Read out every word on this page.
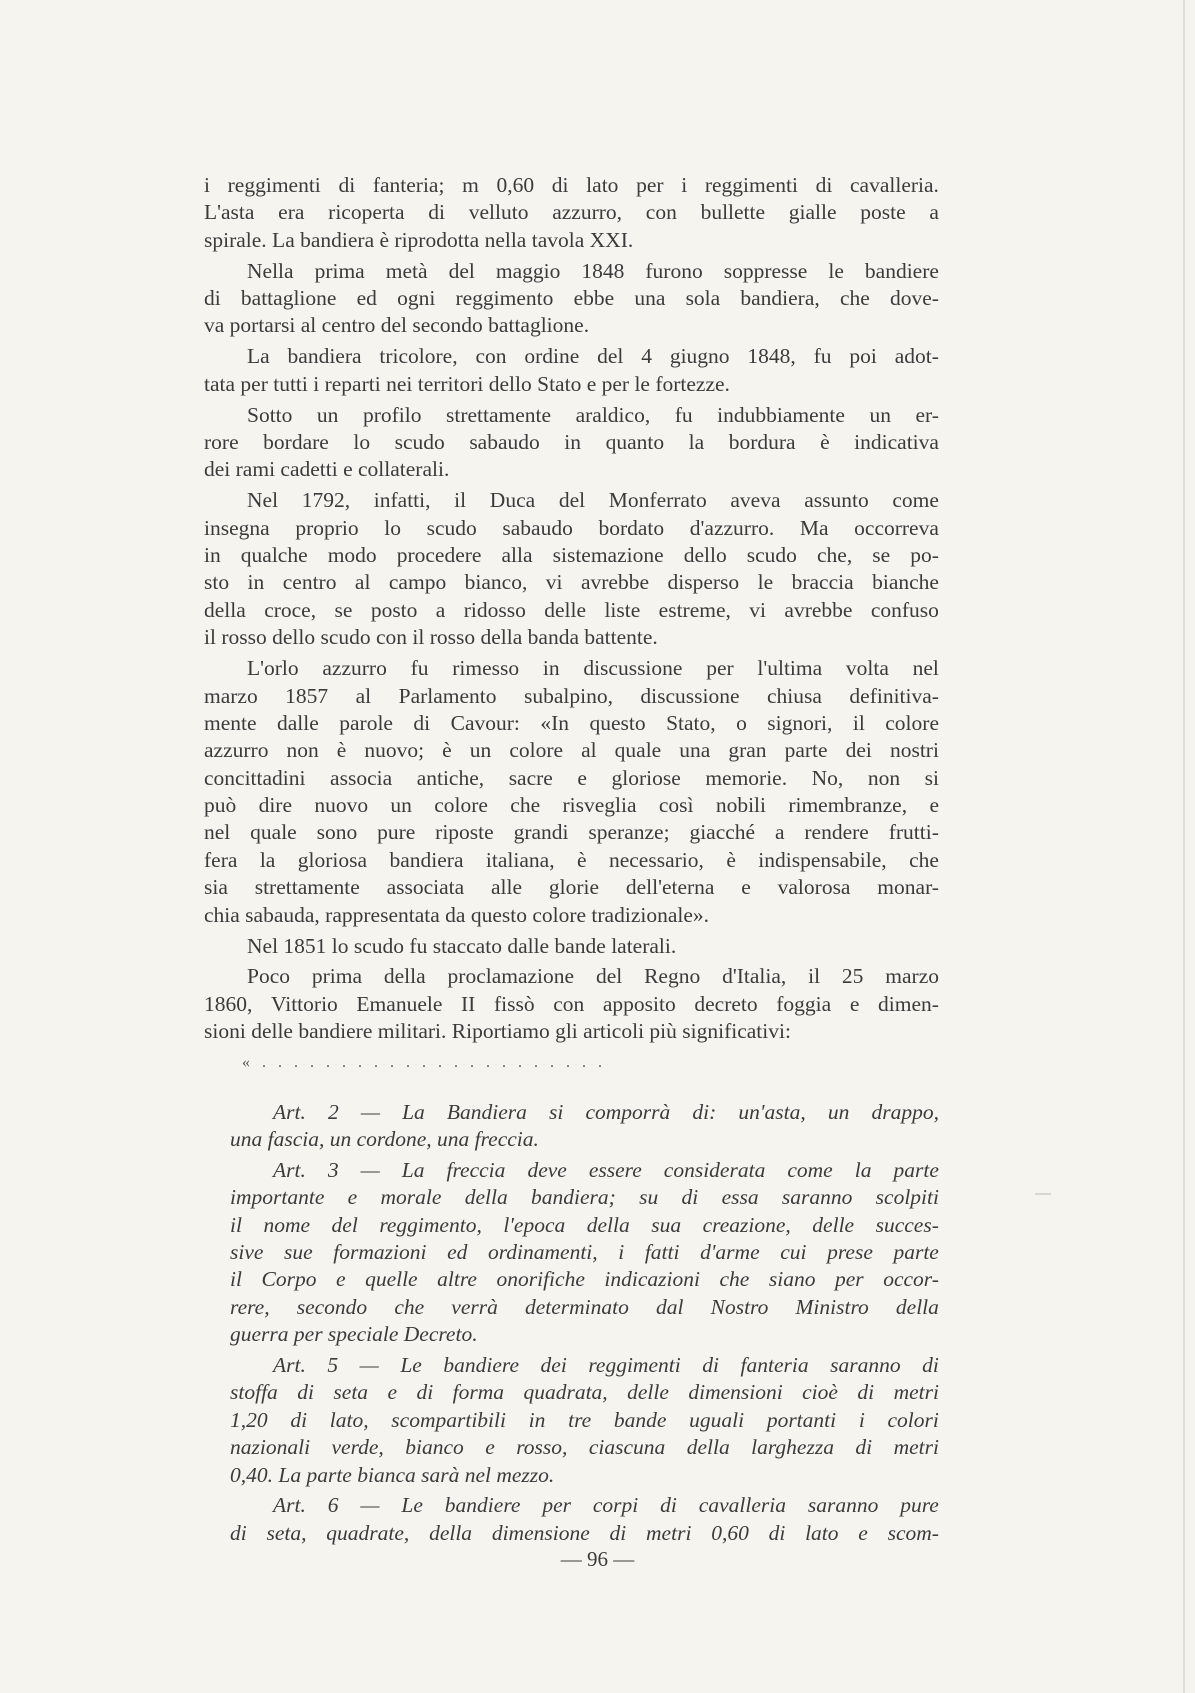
i reggimenti di fanteria; m 0,60 di lato per i reggimenti di cavalleria.
L'asta era ricoperta di velluto azzurro, con bullette gialle poste a
spirale. La bandiera è riprodotta nella tavola XXI.
Nella prima metà del maggio 1848 furono soppresse le bandiere
di battaglione ed ogni reggimento ebbe una sola bandiera, che dove-
va portarsi al centro del secondo battaglione.
La bandiera tricolore, con ordine del 4 giugno 1848, fu poi adot-
tata per tutti i reparti nei territori dello Stato e per le fortezze.
Sotto un profilo strettamente araldico, fu indubbiamente un er-
rore bordare lo scudo sabaudo in quanto la bordura è indicativa
dei rami cadetti e collaterali.
Nel 1792, infatti, il Duca del Monferrato aveva assunto come
insegna proprio lo scudo sabaudo bordato d'azzurro. Ma occorreva
in qualche modo procedere alla sistemazione dello scudo che, se po-
sto in centro al campo bianco, vi avrebbe disperso le braccia bianche
della croce, se posto a ridosso delle liste estreme, vi avrebbe confuso
il rosso dello scudo con il rosso della banda battente.
L'orlo azzurro fu rimesso in discussione per l'ultima volta nel
marzo 1857 al Parlamento subalpino, discussione chiusa definitiva-
mente dalle parole di Cavour: «In questo Stato, o signori, il colore
azzurro non è nuovo; è un colore al quale una gran parte dei nostri
concittadini associa antiche, sacre e gloriose memorie. No, non si
può dire nuovo un colore che risveglia così nobili rimembranze, e
nel quale sono pure riposte grandi speranze; giacché a rendere frutti-
fera la gloriosa bandiera italiana, è necessario, è indispensabile, che
sia strettamente associata alle glorie dell'eterna e valorosa monar-
chia sabauda, rappresentata da questo colore tradizionale».
Nel 1851 lo scudo fu staccato dalle bande laterali.
Poco prima della proclamazione del Regno d'Italia, il 25 marzo
1860, Vittorio Emanuele II fissò con apposito decreto foggia e dimen-
sioni delle bandiere militari. Riportiamo gli articoli più significativi:
« . . . . . . . . . . . . . . . . . . . . . .
Art. 2 — La Bandiera si comporrà di: un'asta, un drappo,
una fascia, un cordone, una freccia.
Art. 3 — La freccia deve essere considerata come la parte
importante e morale della bandiera; su di essa saranno scolpiti
il nome del reggimento, l'epoca della sua creazione, delle succes-
sive sue formazioni ed ordinamenti, i fatti d'arme cui prese parte
il Corpo e quelle altre onorifiche indicazioni che siano per occor-
rere, secondo che verrà determinato dal Nostro Ministro della
guerra per speciale Decreto.
Art. 5 — Le bandiere dei reggimenti di fanteria saranno di
stoffa di seta e di forma quadrata, delle dimensioni cioè di metri
1,20 di lato, scompartibili in tre bande uguali portanti i colori
nazionali verde, bianco e rosso, ciascuna della larghezza di metri
0,40. La parte bianca sarà nel mezzo.
Art. 6 — Le bandiere per corpi di cavalleria saranno pure
di seta, quadrate, della dimensione di metri 0,60 di lato e scom-
— 96 —
